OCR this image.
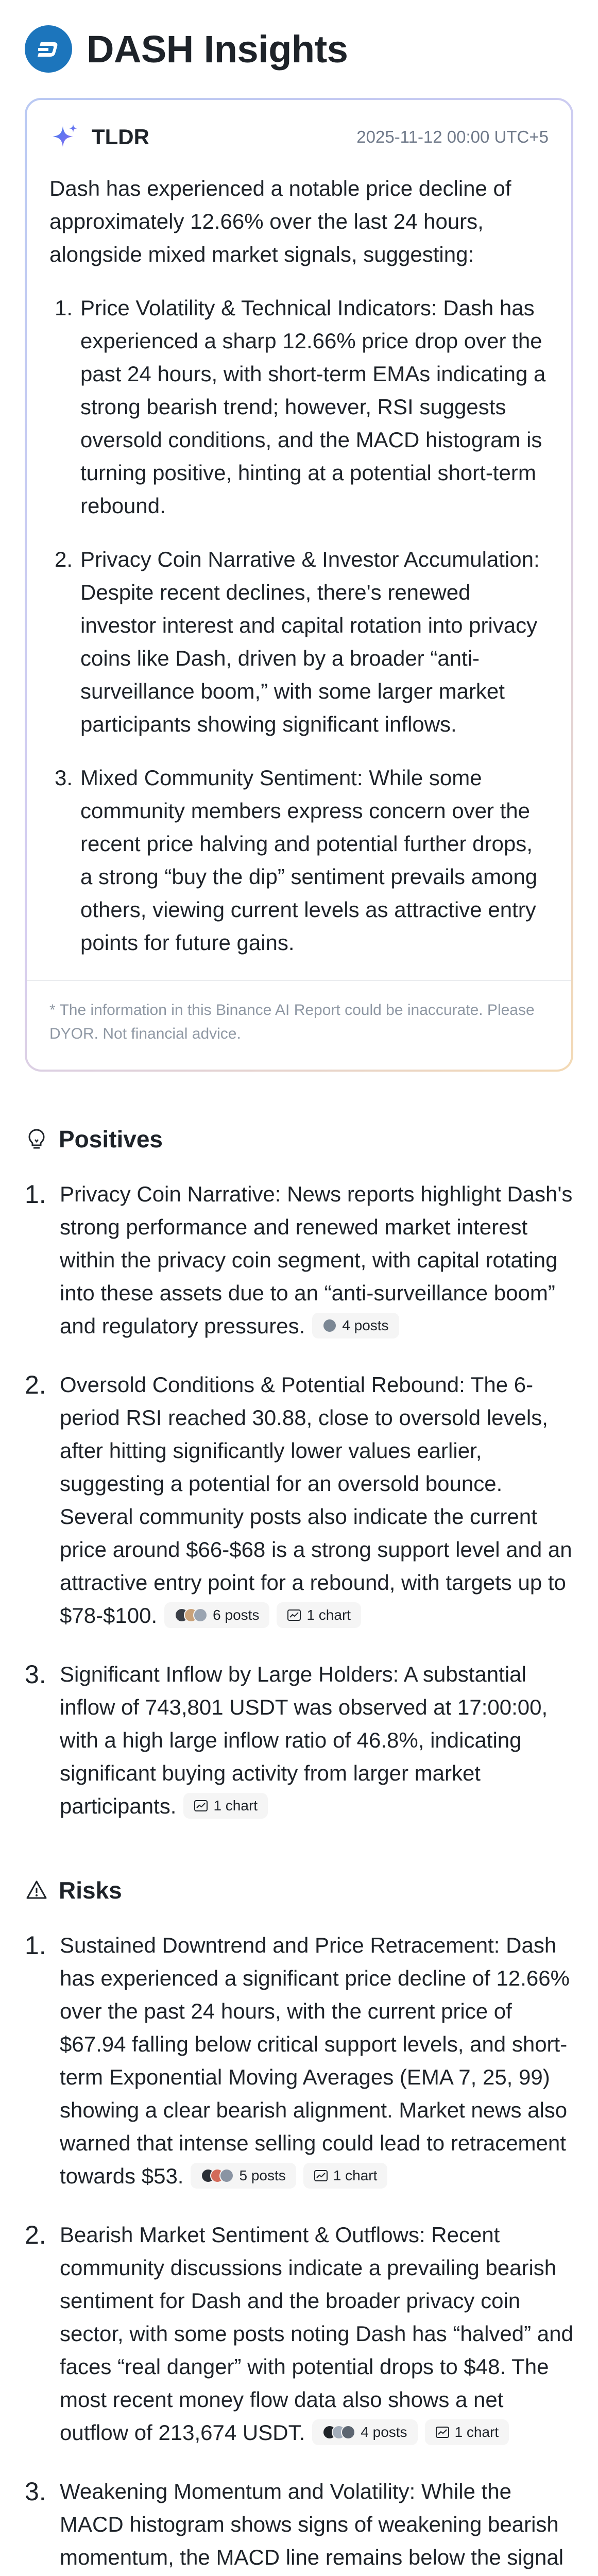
DASH Insights
TLDR	2025-11-12 00:00 UTC+5

Dash has experienced a notable price decline of approximately 12.66% over the last 24 hours, alongside mixed market signals, suggesting:

1. Price Volatility & Technical Indicators: Dash has experienced a sharp 12.66% price drop over the past 24 hours, with short-term EMAs indicating a strong bearish trend; however, RSI suggests oversold conditions, and the MACD histogram is turning positive, hinting at a potential short-term rebound.
2. Privacy Coin Narrative & Investor Accumulation: Despite recent declines, there's renewed investor interest and capital rotation into privacy coins like Dash, driven by a broader “anti-surveillance boom,” with some larger market participants showing significant inflows.
3. Mixed Community Sentiment: While some community members express concern over the recent price halving and potential further drops, a strong “buy the dip” sentiment prevails among others, viewing current levels as attractive entry points for future gains.

* The information in this Binance AI Report could be inaccurate. Please DYOR. Not financial advice.

Positives
1. Privacy Coin Narrative: News reports highlight Dash's strong performance and renewed market interest within the privacy coin segment, with capital rotating into these assets due to an “anti-surveillance boom” and regulatory pressures.	4 posts
2. Oversold Conditions & Potential Rebound: The 6-period RSI reached 30.88, close to oversold levels, after hitting significantly lower values earlier, suggesting a potential for an oversold bounce. Several community posts also indicate the current price around $66-$68 is a strong support level and an attractive entry point for a rebound, with targets up to $78-$100.	6 posts	1 chart
3. Significant Inflow by Large Holders: A substantial inflow of 743,801 USDT was observed at 17:00:00, with a high large inflow ratio of 46.8%, indicating significant buying activity from larger market participants.	1 chart
Risks
1. Sustained Downtrend and Price Retracement: Dash has experienced a significant price decline of 12.66% over the past 24 hours, with the current price of $67.94 falling below critical support levels, and short-term Exponential Moving Averages (EMA 7, 25, 99) showing a clear bearish alignment. Market news also warned that intense selling could lead to retracement towards $53.	5 posts	1 chart
2. Bearish Market Sentiment & Outflows: Recent community discussions indicate a prevailing bearish sentiment for Dash and the broader privacy coin sector, with some posts noting Dash has “halved” and faces “real danger” with potential drops to $48. The most recent money flow data also shows a net outflow of 213,674 USDT.	4 posts	1 chart
3. Weakening Momentum and Volatility: While the MACD histogram shows signs of weakening bearish momentum, the MACD line remains below the signal
